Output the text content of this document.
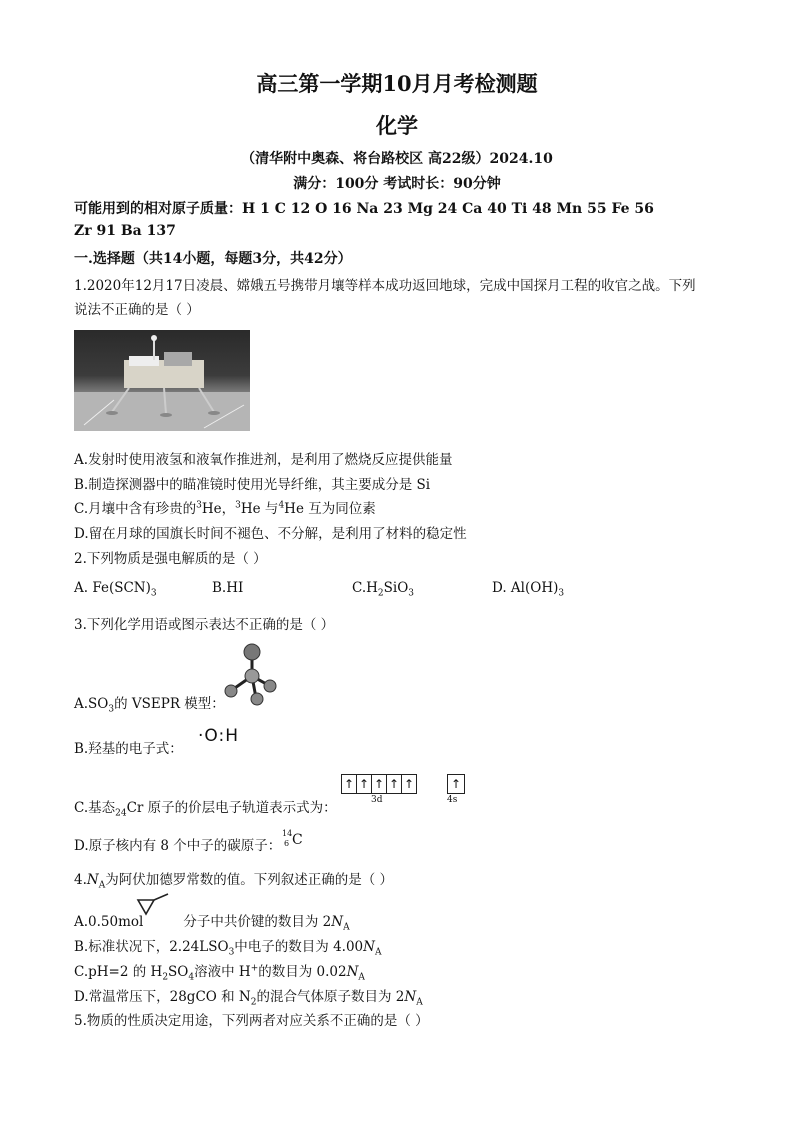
高三第一学期10月月考检测题
化学
（清华附中奥森、将台路校区 高22级）2024.10
满分：100分 考试时长：90分钟
可能用到的相对原子质量：H 1 C 12 O 16 Na 23 Mg 24 Ca 40 Ti 48 Mn 55 Fe 56
Zr 91 Ba 137
一.选择题（共14小题，每题3分，共42分）
1.2020年12月17日凌晨、嫦娥五号携带月壤等样本成功返回地球，完成中国探月工程的收官之战。下列
说法不正确的是（ ）
A.发射时使用液氢和液氧作推进剂，是利用了燃烧反应提供能量
B.制造探测器中的瞄准镜时使用光导纤维，其主要成分是 Si
C.月壤中含有珍贵的$^3$He，$^3$He 与$^4$He 互为同位素
D.留在月球的国旗长时间不褪色、不分解，是利用了材料的稳定性
2.下列物质是强电解质的是（ ）
A. $Fe(SCN)_3$	B.HI	$C.H_2SiO_3$	D. $Al(OH)_3$
3.下列化学用语或图示表达不正确的是（ ）
$A.SO_3$的 VSEPR 模型：
B.羟基的电子式：
·O:H
C.基态$_{24}$Cr 原子的价层电子轨道表示式为：
↑ ↑ ↑ ↑ ↑	↑
3d	4s
D.原子核内有 8 个中子的碳原子：
14
6 C
$4.N_A$为阿伏加德罗常数的值。下列叙述正确的是（ ）
A.0.50mol	分子中共价键的数目为 $2N_A$
B.标准状况下，$2.24LSO_3$中电子的数目为 $4.00N_A$
C.pH=2 的 $H_2SO_4$溶液中 H+的数目为 $0.02N_A$
D.常温常压下，28gCO 和 $N_2$的混合气体原子数目为 $2N_A$
5.物质的性质决定用途，下列两者对应关系不正确的是（ ）
